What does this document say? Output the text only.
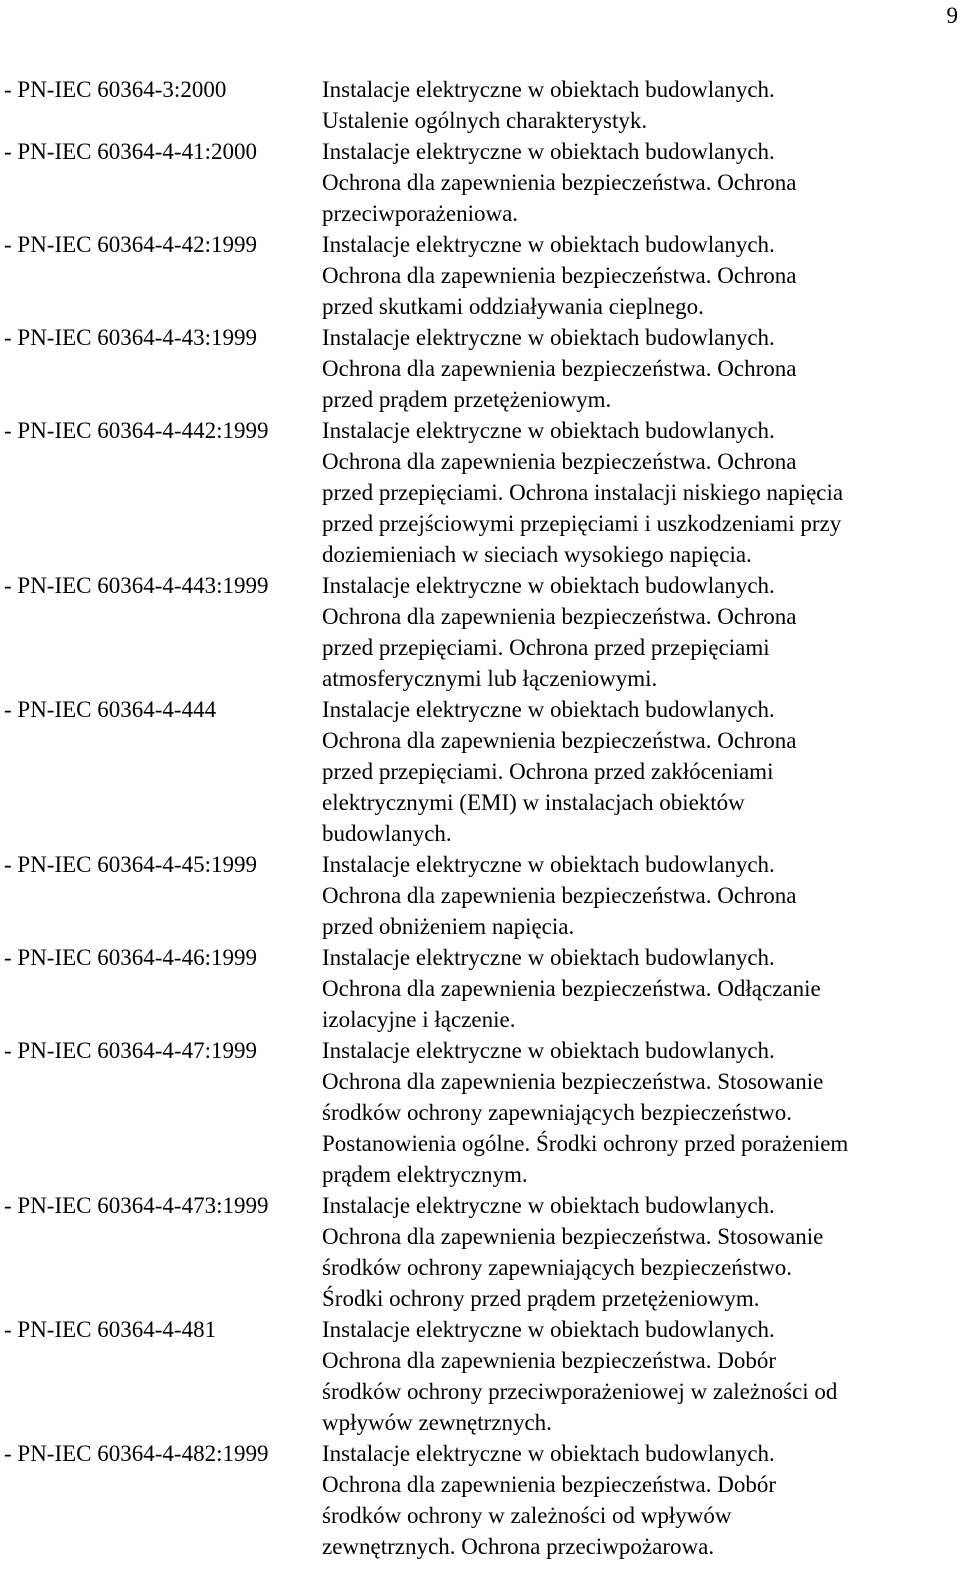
9
- PN-IEC 60364-3:2000	Instalacje elektryczne w obiektach budowlanych.
Ustalenie ogólnych charakterystyk.
- PN-IEC 60364-4-41:2000	Instalacje elektryczne w obiektach budowlanych.
Ochrona dla zapewnienia bezpieczeństwa. Ochrona
przeciwporażeniowa.
- PN-IEC 60364-4-42:1999	Instalacje elektryczne w obiektach budowlanych.
Ochrona dla zapewnienia bezpieczeństwa. Ochrona
przed skutkami oddziaływania cieplnego.
- PN-IEC 60364-4-43:1999	Instalacje elektryczne w obiektach budowlanych.
Ochrona dla zapewnienia bezpieczeństwa. Ochrona
przed prądem przetężeniowym.
- PN-IEC 60364-4-442:1999	Instalacje elektryczne w obiektach budowlanych.
Ochrona dla zapewnienia bezpieczeństwa. Ochrona
przed przepięciami. Ochrona instalacji niskiego napięcia
przed przejściowymi przepięciami i uszkodzeniami przy
doziemieniach w sieciach wysokiego napięcia.
- PN-IEC 60364-4-443:1999	Instalacje elektryczne w obiektach budowlanych.
Ochrona dla zapewnienia bezpieczeństwa. Ochrona
przed przepięciami. Ochrona przed przepięciami
atmosferycznymi lub łączeniowymi.
- PN-IEC 60364-4-444	Instalacje elektryczne w obiektach budowlanych.
Ochrona dla zapewnienia bezpieczeństwa. Ochrona
przed przepięciami. Ochrona przed zakłóceniami
elektrycznymi (EMI) w instalacjach obiektów
budowlanych.
- PN-IEC 60364-4-45:1999	Instalacje elektryczne w obiektach budowlanych.
Ochrona dla zapewnienia bezpieczeństwa. Ochrona
przed obniżeniem napięcia.
- PN-IEC 60364-4-46:1999	Instalacje elektryczne w obiektach budowlanych.
Ochrona dla zapewnienia bezpieczeństwa. Odłączanie
izolacyjne i łączenie.
- PN-IEC 60364-4-47:1999	Instalacje elektryczne w obiektach budowlanych.
Ochrona dla zapewnienia bezpieczeństwa. Stosowanie
środków ochrony zapewniających bezpieczeństwo.
Postanowienia ogólne. Środki ochrony przed porażeniem
prądem elektrycznym.
- PN-IEC 60364-4-473:1999	Instalacje elektryczne w obiektach budowlanych.
Ochrona dla zapewnienia bezpieczeństwa. Stosowanie
środków ochrony zapewniających bezpieczeństwo.
Środki ochrony przed prądem przetężeniowym.
- PN-IEC 60364-4-481	Instalacje elektryczne w obiektach budowlanych.
Ochrona dla zapewnienia bezpieczeństwa. Dobór
środków ochrony przeciwporażeniowej w zależności od
wpływów zewnętrznych.
- PN-IEC 60364-4-482:1999	Instalacje elektryczne w obiektach budowlanych.
Ochrona dla zapewnienia bezpieczeństwa. Dobór
środków ochrony w zależności od wpływów
zewnętrznych. Ochrona przeciwpożarowa.
